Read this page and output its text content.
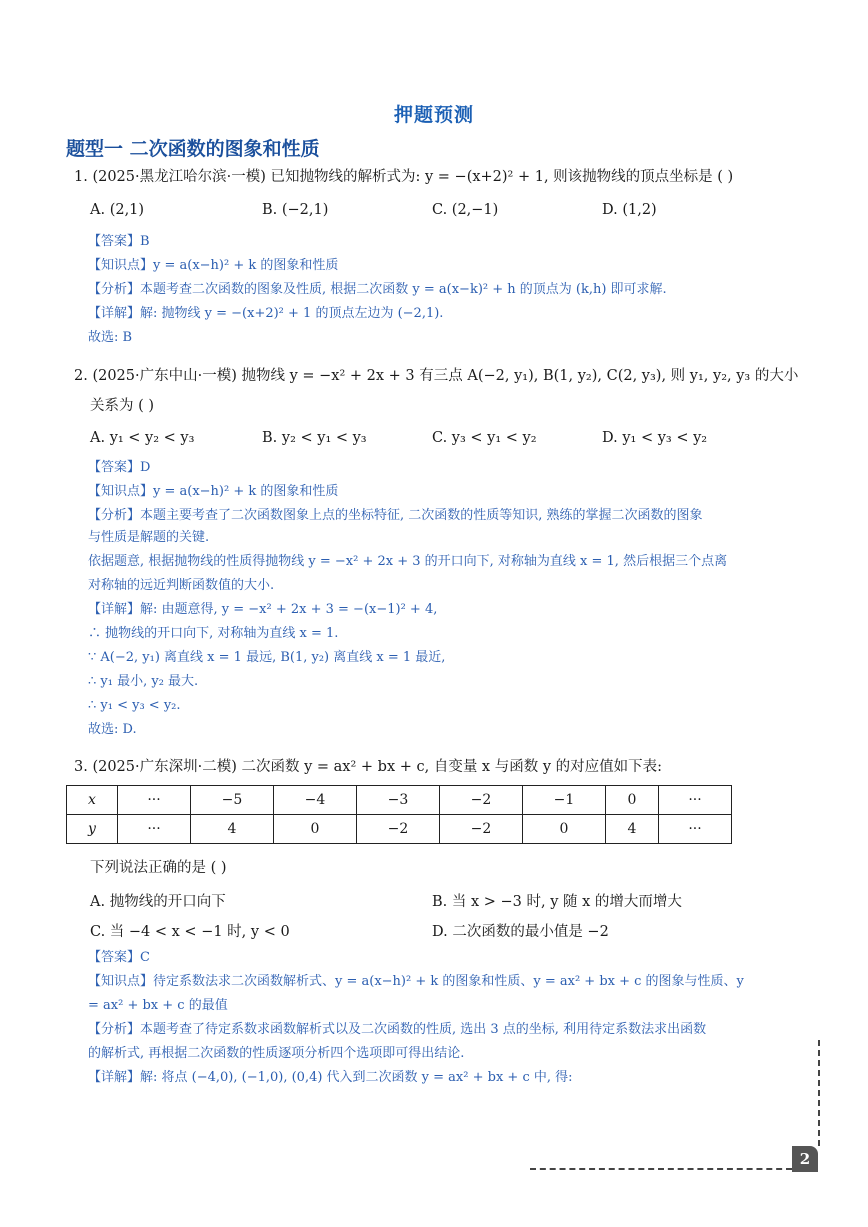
押题预测
题型一 二次函数的图象和性质
1. (2025·黑龙江哈尔滨·一模) 已知抛物线的解析式为: y = −(x+2)² + 1, 则该抛物线的顶点坐标是 ( )
A. (2,1)	B. (−2,1)	C. (2,−1)	D. (1,2)
【答案】B
【知识点】y = a(x−h)² + k 的图象和性质
【分析】本题考查二次函数的图象及性质, 根据二次函数 y = a(x−k)² + h 的顶点为 (k,h) 即可求解.
【详解】解: 抛物线 y = −(x+2)² + 1 的顶点左边为 (−2,1).
故选: B
2. (2025·广东中山·一模) 抛物线 y = −x² + 2x + 3 有三点 A(−2, y₁), B(1, y₂), C(2, y₃), 则 y₁, y₂, y₃ 的大小
关系为 ( )
A. y₁ < y₂ < y₃	B. y₂ < y₁ < y₃	C. y₃ < y₁ < y₂	D. y₁ < y₃ < y₂
【答案】D
【知识点】y = a(x−h)² + k 的图象和性质
【分析】本题主要考查了二次函数图象上点的坐标特征, 二次函数的性质等知识, 熟练的掌握二次函数的图象
与性质是解题的关键.
依据题意, 根据抛物线的性质得抛物线 y = −x² + 2x + 3 的开口向下, 对称轴为直线 x = 1, 然后根据三个点离
对称轴的远近判断函数值的大小.
【详解】解: 由题意得, y = −x² + 2x + 3 = −(x−1)² + 4,
∴ 抛物线的开口向下, 对称轴为直线 x = 1.
∵ A(−2, y₁) 离直线 x = 1 最远, B(1, y₂) 离直线 x = 1 最近,
∴ y₁ 最小, y₂ 最大.
∴ y₁ < y₃ < y₂.
故选: D.
3. (2025·广东深圳·二模) 二次函数 y = ax² + bx + c, 自变量 x 与函数 y 的对应值如下表:
x	···	−5	−4	−3	−2	−1	0	···
y	···	4	0	−2	−2	0	4	···
下列说法正确的是 ( )
A. 抛物线的开口向下	B. 当 x > −3 时, y 随 x 的增大而增大
C. 当 −4 < x < −1 时, y < 0	D. 二次函数的最小值是 −2
【答案】C
【知识点】待定系数法求二次函数解析式、y = a(x−h)² + k 的图象和性质、y = ax² + bx + c 的图象与性质、y
= ax² + bx + c 的最值
【分析】本题考查了待定系数求函数解析式以及二次函数的性质, 选出 3 点的坐标, 利用待定系数法求出函数
的解析式, 再根据二次函数的性质逐项分析四个选项即可得出结论.
【详解】解: 将点 (−4,0), (−1,0), (0,4) 代入到二次函数 y = ax² + bx + c 中, 得:
2
